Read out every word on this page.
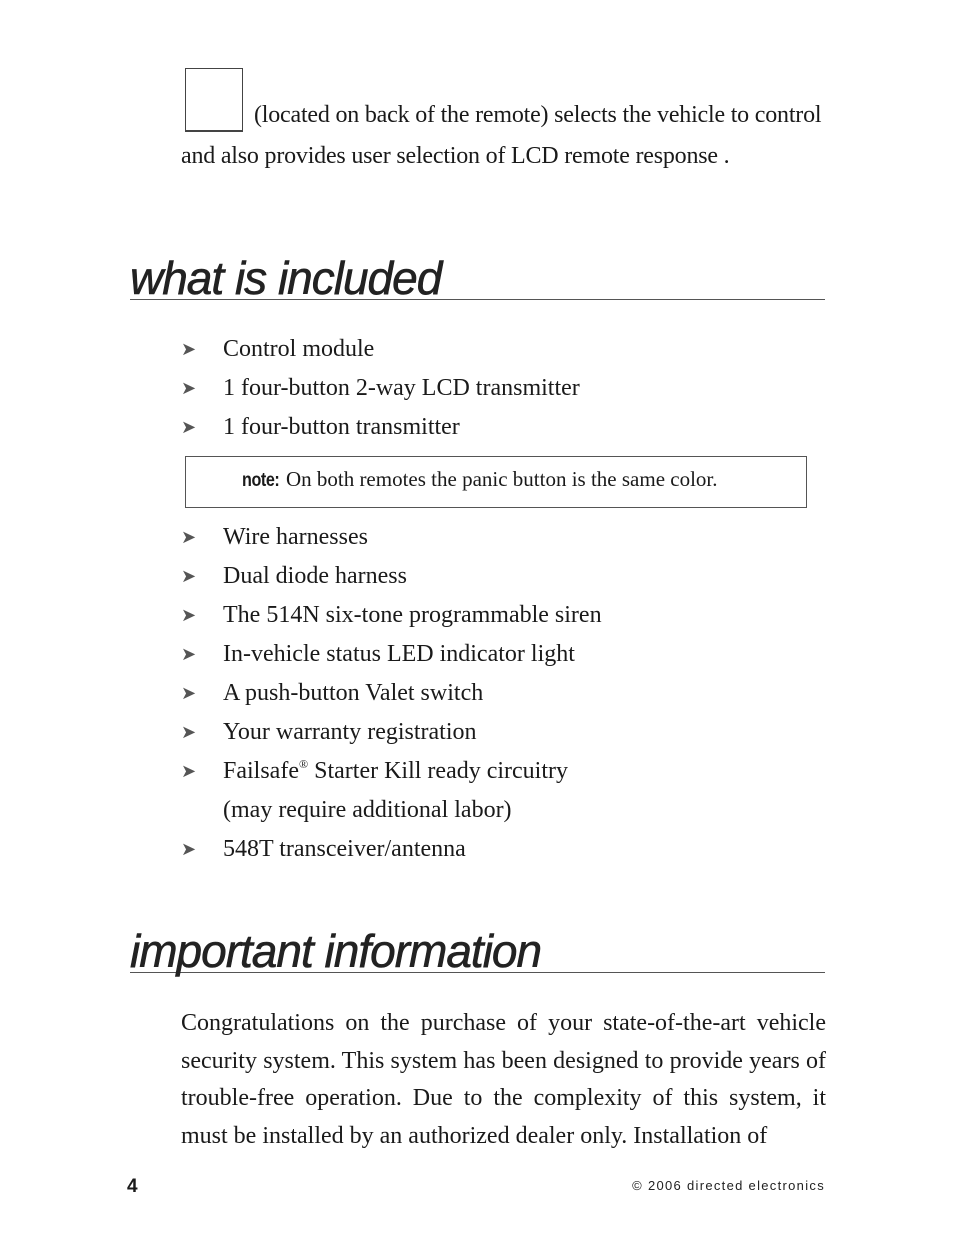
(located on back of the remote) selects the vehicle to control
and also provides user selection of LCD remote response .
what is included
➤ Control module
➤ 1 four-button 2-way LCD transmitter
➤ 1 four-button transmitter
note: On both remotes the panic button is the same color.
➤ Wire harnesses
➤ Dual diode harness
➤ The 514N six-tone programmable siren
➤ In-vehicle status LED indicator light
➤ A push-button Valet switch
➤ Your warranty registration
➤ Failsafe® Starter Kill ready circuitry
(may require additional labor)
➤ 548T transceiver/antenna
important information

Congratulations on the purchase of your state-of-the-art vehicle security system. This system has been designed to provide years of trouble-free operation. Due to the complexity of this system, it must be installed by an authorized dealer only. Installation of

4	© 2006 directed electronics
